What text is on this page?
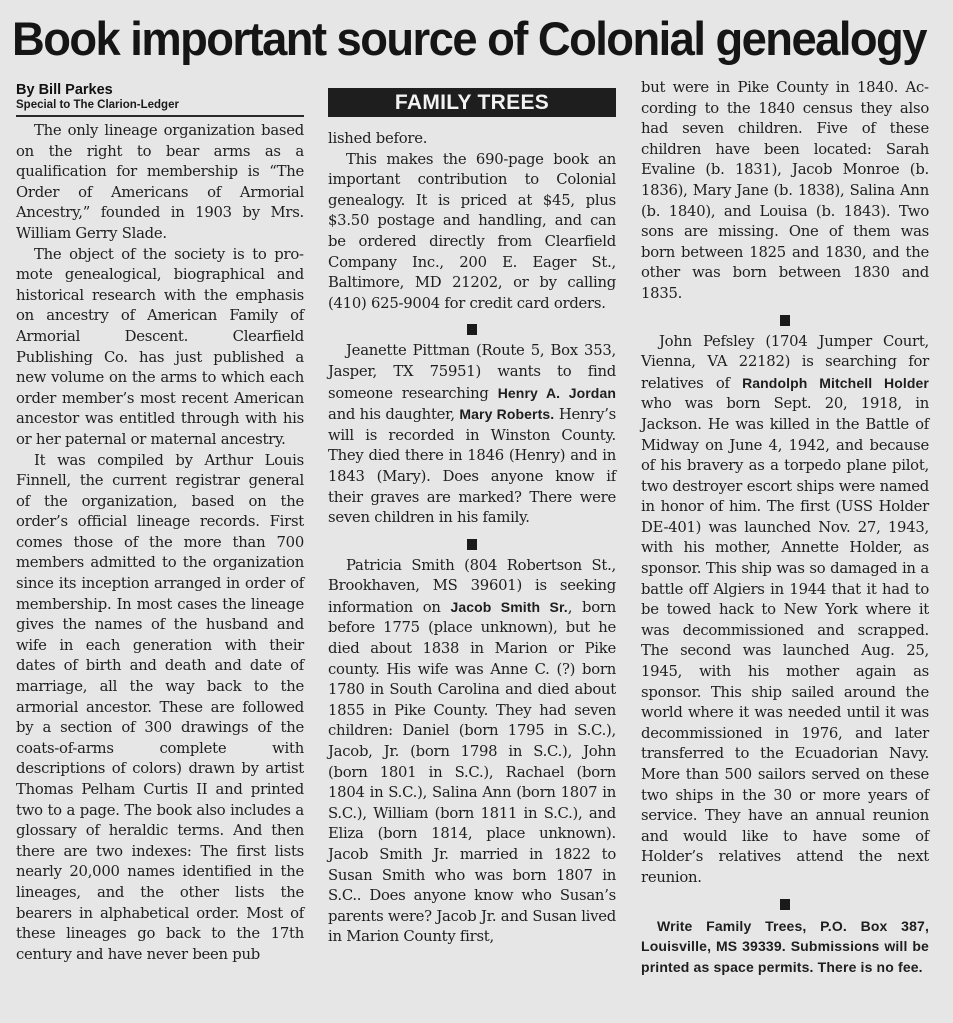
Book important source of Colonial genealogy
By Bill Parkes
Special to The Clarion-Ledger

The only lineage organization based on the right to bear arms as a qualification for membership is “The Order of Americans of Armorial Ancestry,” founded in 1903 by Mrs. William Gerry Slade.

The object of the society is to promote genealogical, biographical and historical research with the emphasis on ancestry of American Family of Armorial Descent. Clearfield Publishing Co. has just published a new volume on the arms to which each order member’s most recent American ancestor was entitled through with his or her paternal or maternal ancestry.

It was compiled by Arthur Louis Finnell, the current registrar general of the organization, based on the order’s official lineage records. First comes those of the more than 700 members admitted to the organization since its inception arranged in order of membership. In most cases the lineage gives the names of the husband and wife in each generation with their dates of birth and death and date of marriage, all the way back to the armorial ancestor. These are followed by a section of 300 drawings of the coats-of-arms complete with descriptions of colors) drawn by artist Thomas Pelham Curtis II and printed two to a page. The book also includes a glossary of heraldic terms. And then there are two indexes: The first lists nearly 20,000 names identified in the lineages, and the other lists the bearers in alphabetical order. Most of these lineages go back to the 17th century and have never been pub

FAMILY TREES

lished before.

This makes the 690-page book an important contribution to Colonial genealogy. It is priced at $45, plus $3.50 postage and handling, and can be ordered directly from Clearfield Company Inc., 200 E. Eager St., Baltimore, MD 21202, or by calling (410) 625-9004 for credit card orders.

Jeanette Pittman (Route 5, Box 353, Jasper, TX 75951) wants to find someone researching Henry A. Jordan and his daughter, Mary Roberts. Henry’s will is recorded in Winston County. They died there in 1846 (Henry) and in 1843 (Mary). Does anyone know if their graves are marked? There were seven children in his family.

Patricia Smith (804 Robertson St., Brookhaven, MS 39601) is seeking information on Jacob Smith Sr., born before 1775 (place unknown), but he died about 1838 in Marion or Pike county. His wife was Anne C. (?) born 1780 in South Carolina and died about 1855 in Pike County. They had seven children: Daniel (born 1795 in S.C.), Jacob, Jr. (born 1798 in S.C.), John (born 1801 in S.C.), Rachael (born 1804 in S.C.), Salina Ann (born 1807 in S.C.), William (born 1811 in S.C.), and Eliza (born 1814, place unknown). Jacob Smith Jr. married in 1822 to Susan Smith who was born 1807 in S.C.. Does anyone know who Susan’s parents were? Jacob Jr. and Susan lived in Marion County first,

but were in Pike County in 1840. According to the 1840 census they also had seven children. Five of these children have been located: Sarah Evaline (b. 1831), Jacob Monroe (b. 1836), Mary Jane (b. 1838), Salina Ann (b. 1840), and Louisa (b. 1843). Two sons are missing. One of them was born between 1825 and 1830, and the other was born between 1830 and 1835.

John Pefsley (1704 Jumper Court, Vienna, VA 22182) is searching for relatives of Randolph Mitchell Holder who was born Sept. 20, 1918, in Jackson. He was killed in the Battle of Midway on June 4, 1942, and because of his bravery as a torpedo plane pilot, two destroyer escort ships were named in honor of him. The first (USS Holder DE-401) was launched Nov. 27, 1943, with his mother, Annette Holder, as sponsor. This ship was so damaged in a battle off Algiers in 1944 that it had to be towed hack to New York where it was decommissioned and scrapped. The second was launched Aug. 25, 1945, with his mother again as sponsor. This ship sailed around the world where it was needed until it was decommissioned in 1976, and later transferred to the Ecuadorian Navy. More than 500 sailors served on these two ships in the 30 or more years of service. They have an annual reunion and would like to have some of Holder’s relatives attend the next reunion.

Write Family Trees, P.O. Box 387, Louisville, MS 39339. Submissions will be printed as space permits. There is no fee.
